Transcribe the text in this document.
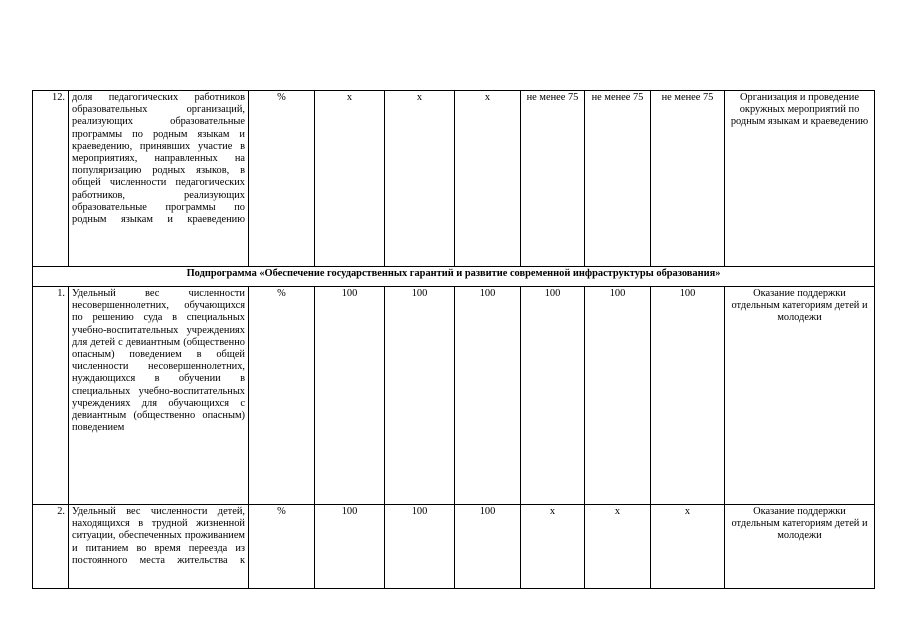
12.	доля педагогических работников образовательных организаций, реализующих образовательные программы по родным языкам и краеведению, принявших участие в мероприятиях, направленных на популяризацию родных языков, в общей численности педагогических работников, реализующих образовательные программы по родным языкам и краеведению	%	х	х	х	не менее 75	не менее 75	не менее 75	Организация и проведение окружных мероприятий по родным языкам и краеведению
Подпрограмма «Обеспечение государственных гарантий и развитие современной инфраструктуры образования»									
1.	Удельный вес численности несовершеннолетних, обучающихся по решению суда в специальных учебно-воспитательных учреждениях для детей с девиантным (общественно опасным) поведением в общей численности несовершеннолетних, нуждающихся в обучении в специальных учебно-воспитательных учреждениях для обучающихся с девиантным (общественно опасным) поведением	%	100	100	100	100	100	100	Оказание поддержки отдельным категориям детей и молодежи
2.	Удельный вес численности детей, находящихся в трудной жизненной ситуации, обеспеченных проживанием и питанием во время переезда из постоянного места жительства к	%	100	100	100	х	х	х	Оказание поддержки отдельным категориям детей и молодежи
